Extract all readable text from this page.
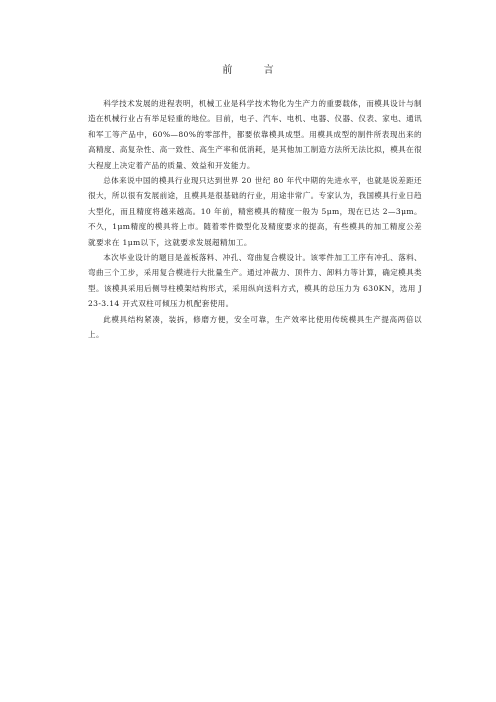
前 言

科学技术发展的进程表明，机械工业是科学技术物化为生产力的重要载体，而模具设计与制造在机械行业占有举足轻重的地位。目前，电子、汽车、电机、电器、仪器、仪表、家电、通讯和军工等产品中，60%—80%的零部件，都要依靠模具成型。用模具成型的制件所表现出来的高精度、高复杂性、高一致性、高生产率和低消耗，是其他加工制造方法所无法比拟，模具在很大程度上决定着产品的质量、效益和开发能力。

总体来说中国的模具行业现只达到世界 20 世纪 80 年代中期的先进水平，也就是说差距还很大，所以很有发展前途，且模具是很基础的行业，用途非常广。专家认为，我国模具行业日趋大型化，而且精度将越来越高。10 年前，精密模具的精度一般为 5μm，现在已达 2—3μm。不久，1μm精度的模具将上市。随着零件微型化及精度要求的提高，有些模具的加工精度公差就要求在 1μm以下，这就要求发展超精加工。

本次毕业设计的题目是盖板落料、冲孔、弯曲复合模设计。该零件加工工序有冲孔、落料、弯曲三个工步，采用复合模进行大批量生产。通过冲裁力、顶件力、卸料力等计算，确定模具类型。该模具采用后侧导柱模架结构形式，采用纵向送料方式，模具的总压力为 630KN，选用 J23-3.14 开式双柱可倾压力机配套使用。

此模具结构紧凑，装拆，修磨方便，安全可靠，生产效率比使用传统模具生产提高两倍以上。
